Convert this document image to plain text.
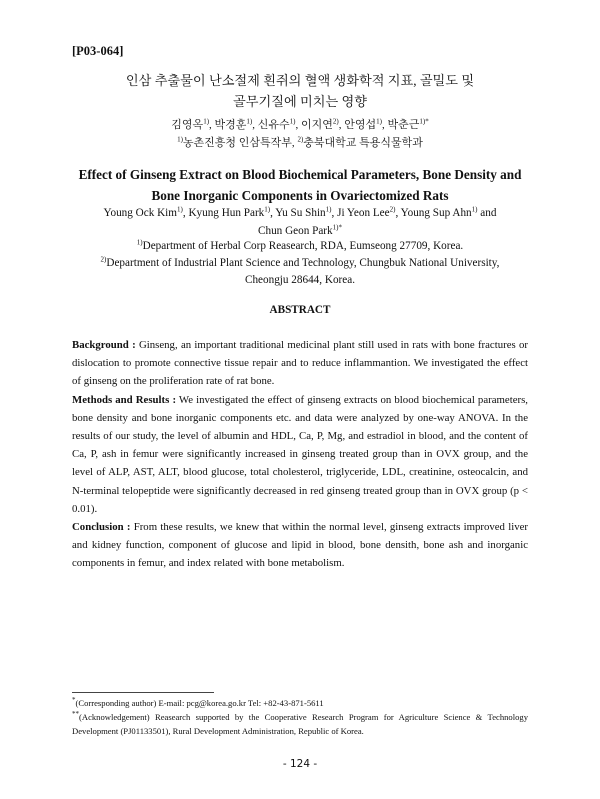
[P03-064]
인삼 추출물이 난소절제 흰쥐의 혈액 생화학적 지표, 골밀도 및
골무기질에 미치는 영향
김영옥$^{1)}$, 박경훈$^{1)}$, 신유수$^{1)}$, 이지연$^{2)}$, 안영섭$^{1)}$, 박춘근$^{1)*}$
$^{1)}$농촌진흥청 인삼특작부, $^{2)}$충북대학교 특용식물학과
Effect of Ginseng Extract on Blood Biochemical Parameters, Bone Density and
Bone Inorganic Components in Ovariectomized Rats
Young Ock Kim$^{1)}$, Kyung Hun Park$^{1)}$, Yu Su Shin$^{1)}$, Ji Yeon Lee$^{2)}$, Young Sup Ahn$^{1)}$ and
Chun Geon Park$^{1)*}$
$^{1)}$Department of Herbal Corp Reasearch, RDA, Eumseong 27709, Korea.
$^{2)}$Department of Industrial Plant Science and Technology, Chungbuk National University,
Cheongju 28644, Korea.
ABSTRACT

Background : Ginseng, an important traditional medicinal plant still used in rats with bone fractures or dislocation to promote connective tissue repair and to reduce inflammantion. We investigated the effect of ginseng on the proliferation rate of rat bone.

Methods and Results : We investigated the effect of ginseng extracts on blood biochemical parameters, bone density and bone inorganic components etc. and data were analyzed by one-way ANOVA. In the results of our study, the level of albumin and HDL, Ca, P, Mg, and estradiol in blood, and the content of Ca, P, ash in femur were significantly increased in ginseng treated group than in OVX group, and the level of ALP, AST, ALT, blood glucose, total cholesterol, triglyceride, LDL, creatinine, osteocalcin, and N-terminal telopeptide were significantly decreased in red ginseng treated group than in OVX group (p < 0.01).

Conclusion : From these results, we knew that within the normal level, ginseng extracts improved liver and kidney function, component of glucose and lipid in blood, bone densith, bone ash and inorganic components in femur, and index related with bone metabolism.

*(Corresponding author) E-mail: pcg@korea.go.kr Tel: +82-43-871-5611
**(Acknowledgement) Reasearch supported by the Cooperative Research Program for Agriculture Science & Technology Development (PJ01133501), Rural Development Administration, Republic of Korea.
- 124 -
